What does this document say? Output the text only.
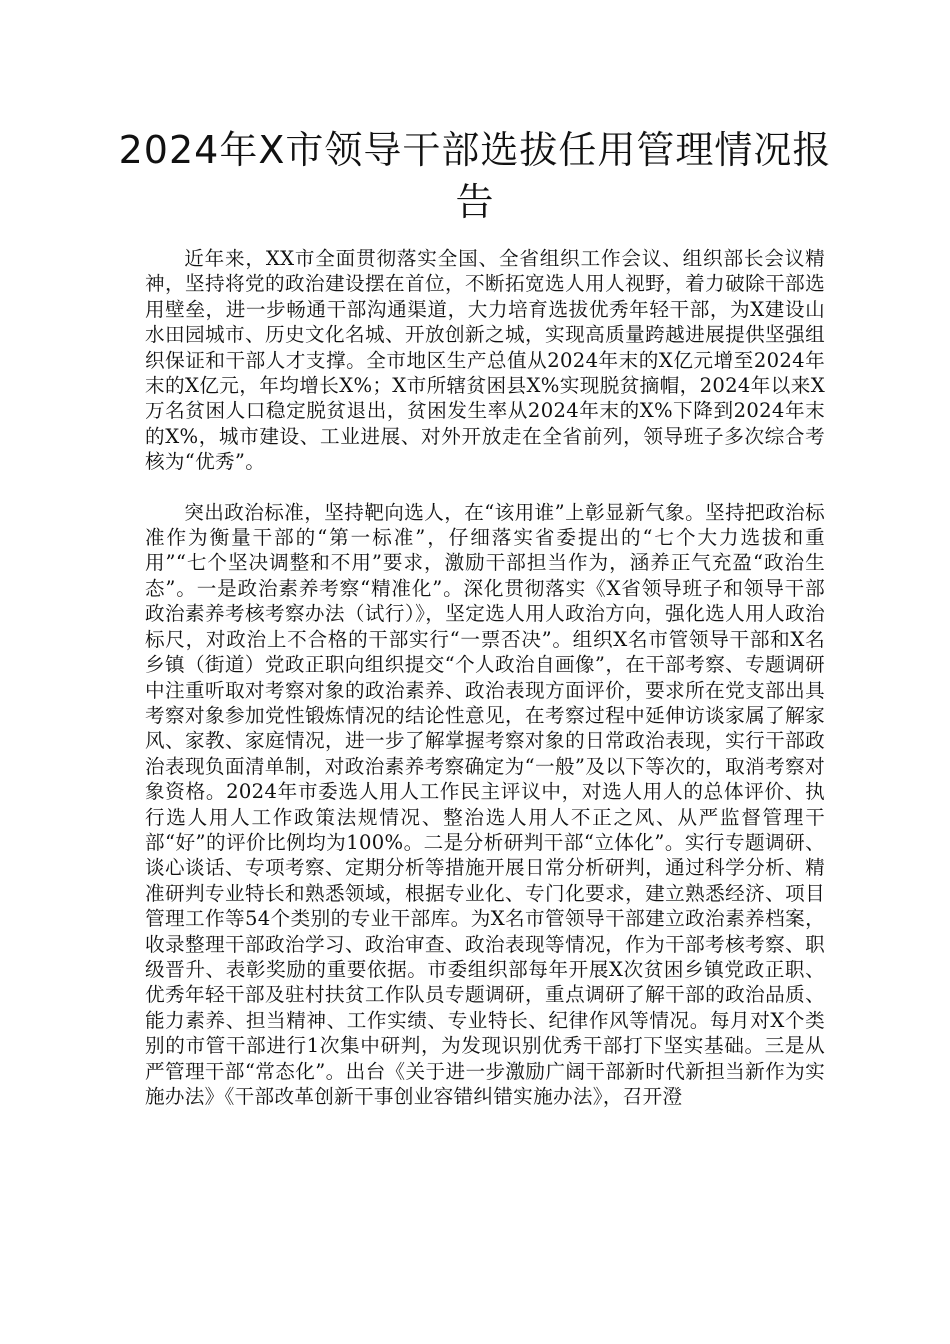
2024年X市领导干部选拔任用管理情况报告

近年来，XX市全面贯彻落实全国、全省组织工作会议、组织部长会议精神，坚持将党的政治建设摆在首位，不断拓宽选人用人视野，着力破除干部选用壁垒，进一步畅通干部沟通渠道，大力培育选拔优秀年轻干部，为X建设山水田园城市、历史文化名城、开放创新之城，实现高质量跨越进展提供坚强组织保证和干部人才支撑。全市地区生产总值从2024年末的X亿元增至2024年末的X亿元，年均增长X%；X市所辖贫困县X%实现脱贫摘帽，2024年以来X万名贫困人口稳定脱贫退出，贫困发生率从2024年末的X%下降到2024年末的X%，城市建设、工业进展、对外开放走在全省前列，领导班子多次综合考核为“优秀”。

突出政治标准，坚持靶向选人，在“该用谁”上彰显新气象。坚持把政治标准作为衡量干部的“第一标准”，仔细落实省委提出的“七个大力选拔和重用”“七个坚决调整和不用”要求，激励干部担当作为，涵养正气充盈“政治生态”。一是政治素养考察“精准化”。深化贯彻落实《X省领导班子和领导干部政治素养考核考察办法（试行）》，坚定选人用人政治方向，强化选人用人政治标尺，对政治上不合格的干部实行“一票否决”。组织X名市管领导干部和X名乡镇（街道）党政正职向组织提交“个人政治自画像”，在干部考察、专题调研中注重听取对考察对象的政治素养、政治表现方面评价，要求所在党支部出具考察对象参加党性锻炼情况的结论性意见，在考察过程中延伸访谈家属了解家风、家教、家庭情况，进一步了解掌握考察对象的日常政治表现，实行干部政治表现负面清单制，对政治素养考察确定为“一般”及以下等次的，取消考察对象资格。2024年市委选人用人工作民主评议中，对选人用人的总体评价、执行选人用人工作政策法规情况、整治选人用人不正之风、从严监督管理干部“好”的评价比例均为100%。二是分析研判干部“立体化”。实行专题调研、谈心谈话、专项考察、定期分析等措施开展日常分析研判，通过科学分析、精准研判专业特长和熟悉领域，根据专业化、专门化要求，建立熟悉经济、项目管理工作等54个类别的专业干部库。为X名市管领导干部建立政治素养档案，收录整理干部政治学习、政治审查、政治表现等情况，作为干部考核考察、职级晋升、表彰奖励的重要依据。市委组织部每年开展X次贫困乡镇党政正职、优秀年轻干部及驻村扶贫工作队员专题调研，重点调研了解干部的政治品质、能力素养、担当精神、工作实绩、专业特长、纪律作风等情况。每月对X个类别的市管干部进行1次集中研判，为发现识别优秀干部打下坚实基础。三是从严管理干部“常态化”。出台《关于进一步激励广阔干部新时代新担当新作为实施办法》《干部改革创新干事创业容错纠错实施办法》，召开澄
